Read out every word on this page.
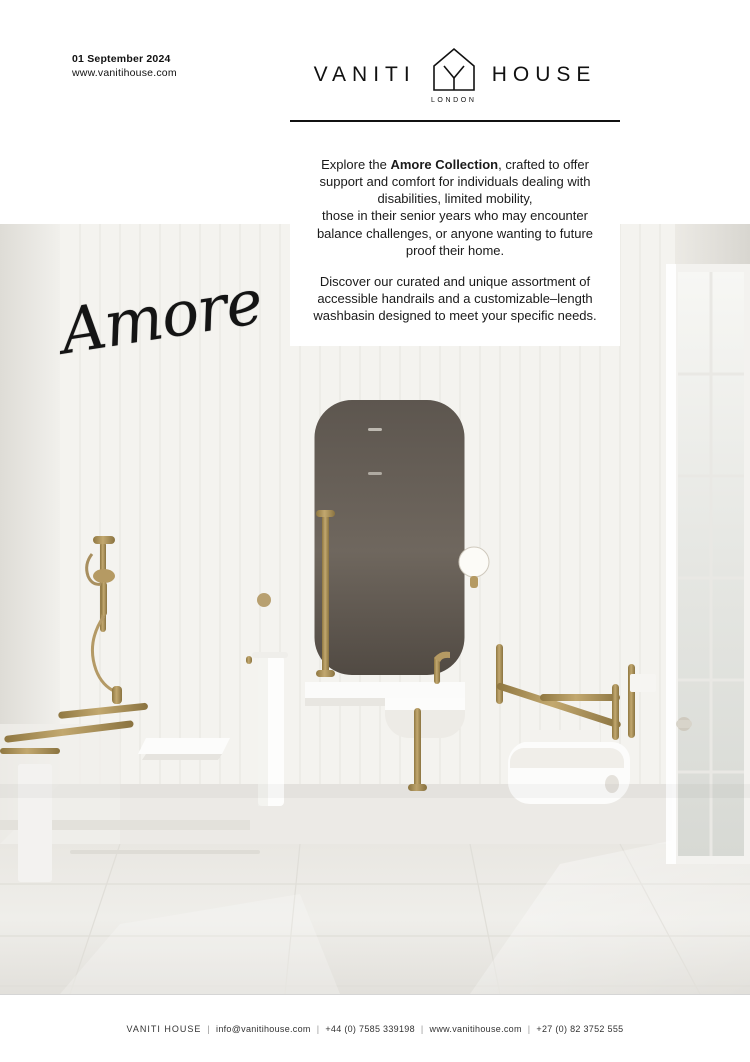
Amore
01 September 2024
www.vanitihouse.com	VANITI
LONDON
HOUSE

Explore the Amore Collection, crafted to offer support and comfort for individuals dealing with disabilities, limited mobility,

those in their senior years who may encounter balance challenges, or anyone wanting to future proof their home.

Discover our curated and unique assortment of accessible handrails and a customizable–length washbasin designed to meet your specific needs.

VANITI HOUSE | info@vanitihouse.com | +44 (0) 7585 339198 | www.vanitihouse.com | +27 (0) 82 3752 555
